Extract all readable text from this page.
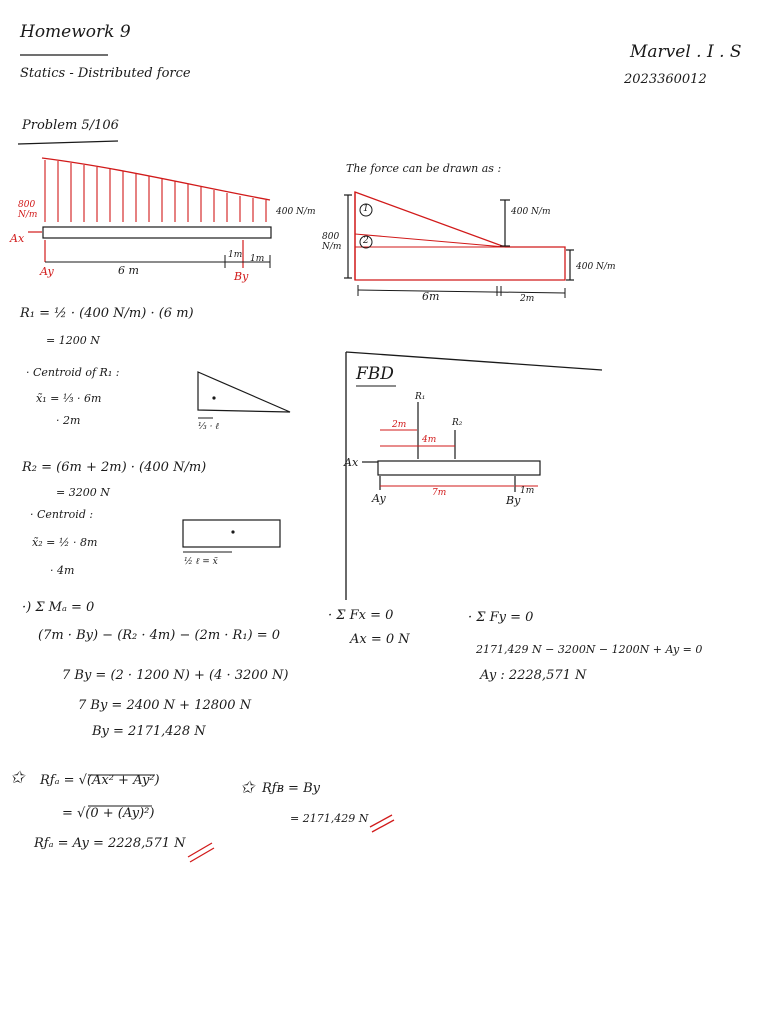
Homework 9
Statics - Distributed force
Marvel . I . S
2023360012
Problem 5/106
800 N/m	400 N/m
Ax
Ay	By
6 m
1m 1m
The force can be drawn as :
1
2
400 N/m
800 N/m
400 N/m
6m	2m
R₁ = ½ · (400 N/m) · (6 m)
= 1200 N
· Centroid of R₁ :
x̃₁ = ⅓ · 6m
· 2m	⅓ · ℓ
R₂ = (6m + 2m) · (400 N/m)
= 3200 N
· Centroid :
x̃₂ = ½ · 8m
· 4m
½ ℓ = x̃
FBD
R₁
R₂
2m
4m
Ax
Ay	By
7m	1m
·) Σ Mₐ = 0
(7m · By) − (R₂ · 4m) − (2m · R₁) = 0
7 By = (2 · 1200 N) + (4 · 3200 N)
7 By = 2400 N + 12800 N
By = 2171,428 N
· Σ Fx = 0
Ax = 0 N
· Σ Fy = 0
2171,429 N − 3200N − 1200N + Ay = 0
Ay : 2228,571 N
✩ Rƒₐ = √(Ax² + Ay²)
= √(0 + (Ay)²)
Rƒₐ = Ay = 2228,571 N
✩ Rƒʙ = By
= 2171,429 N
